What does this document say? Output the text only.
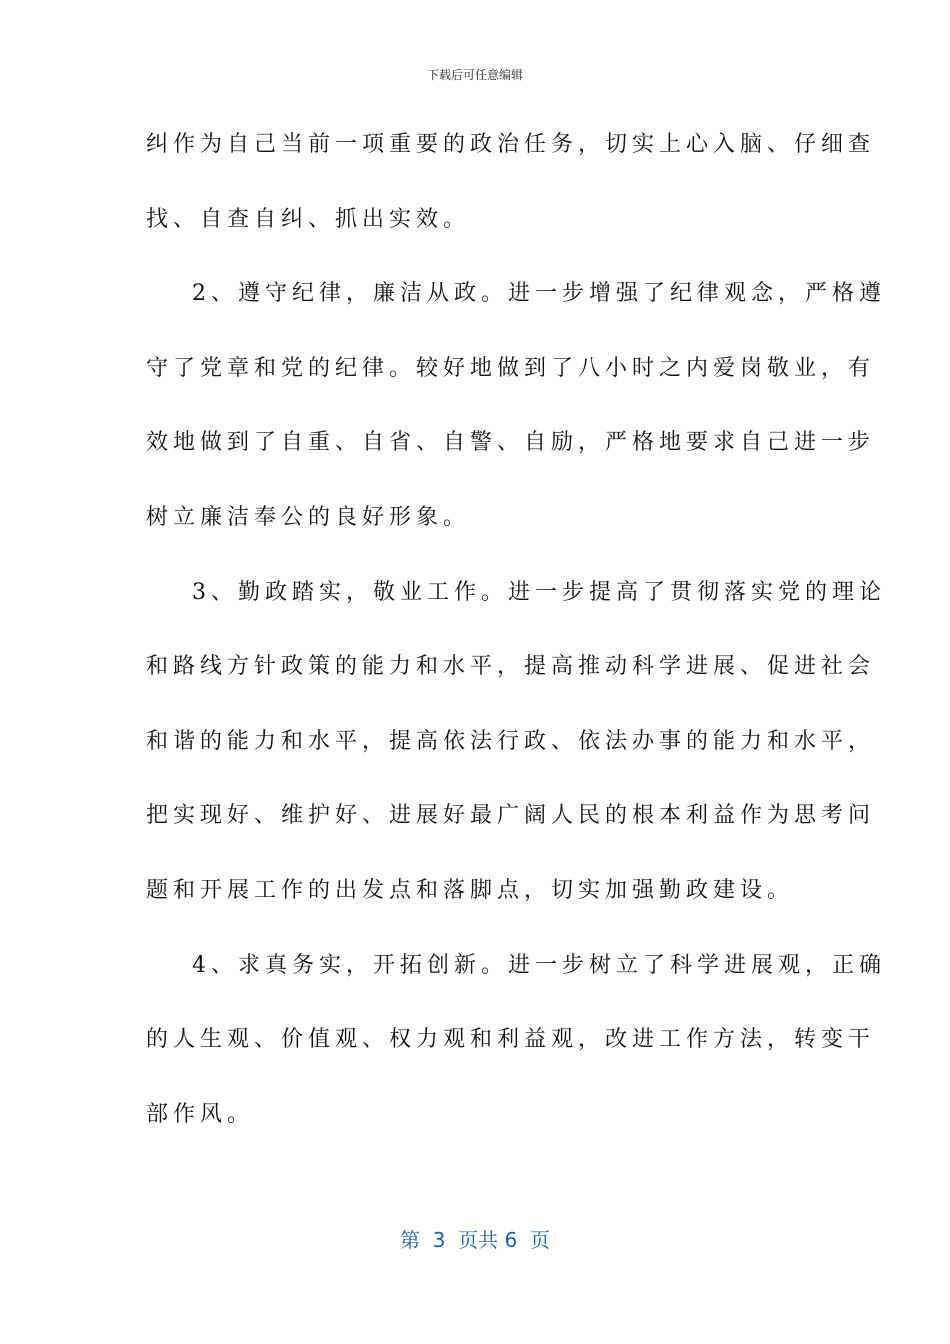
下载后可任意编辑
纠作为自己当前一项重要的政治任务，切实上心入脑、仔细查
找、自查自纠、抓出实效。
2、遵守纪律，廉洁从政。进一步增强了纪律观念，严格遵
守了党章和党的纪律。较好地做到了八小时之内爱岗敬业，有
效地做到了自重、自省、自警、自励，严格地要求自己进一步
树立廉洁奉公的良好形象。
3、勤政踏实，敬业工作。进一步提高了贯彻落实党的理论
和路线方针政策的能力和水平，提高推动科学进展、促进社会
和谐的能力和水平，提高依法行政、依法办事的能力和水平，
把实现好、维护好、进展好最广阔人民的根本利益作为思考问
题和开展工作的出发点和落脚点，切实加强勤政建设。
4、求真务实，开拓创新。进一步树立了科学进展观，正确
的人生观、价值观、权力观和利益观，改进工作方法，转变干
部作风。
第  3  页共 6  页
